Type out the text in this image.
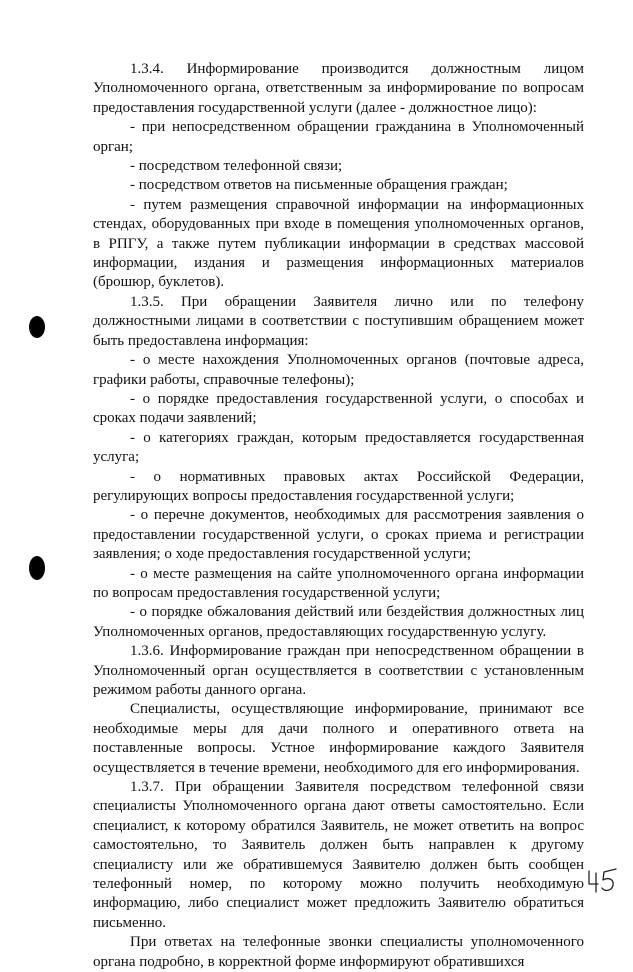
1.3.4. Информирование производится должностным лицом Уполномоченного органа, ответственным за информирование по вопросам предоставления государственной услуги (далее - должностное лицо):

- при непосредственном обращении гражданина в Уполномоченный орган;

- посредством телефонной связи;

- посредством ответов на письменные обращения граждан;

- путем размещения справочной информации на информационных стендах, оборудованных при входе в помещения уполномоченных органов, в РПГУ, а также путем публикации информации в средствах массовой информации, издания и размещения информационных материалов (брошюр, буклетов).

1.3.5. При обращении Заявителя лично или по телефону должностными лицами в соответствии с поступившим обращением может быть предоставлена информация:

- о месте нахождения Уполномоченных органов (почтовые адреса, графики работы, справочные телефоны);

- о порядке предоставления государственной услуги, о способах и сроках подачи заявлений;

- о категориях граждан, которым предоставляется государственная услуга;

- о нормативных правовых актах Российской Федерации, регулирующих вопросы предоставления государственной услуги;

- о перечне документов, необходимых для рассмотрения заявления о предоставлении государственной услуги, о сроках приема и регистрации заявления; о ходе предоставления государственной услуги;

- о месте размещения на сайте уполномоченного органа информации по вопросам предоставления государственной услуги;

- о порядке обжалования действий или бездействия должностных лиц Уполномоченных органов, предоставляющих государственную услугу.

1.3.6. Информирование граждан при непосредственном обращении в Уполномоченный орган осуществляется в соответствии с установленным режимом работы данного органа.

Специалисты, осуществляющие информирование, принимают все необходимые меры для дачи полного и оперативного ответа на поставленные вопросы. Устное информирование каждого Заявителя осуществляется в течение времени, необходимого для его информирования.

1.3.7. При обращении Заявителя посредством телефонной связи специалисты Уполномоченного органа дают ответы самостоятельно. Если специалист, к которому обратился Заявитель, не может ответить на вопрос самостоятельно, то Заявитель должен быть направлен к другому специалисту или же обратившемуся Заявителю должен быть сообщен телефонный номер, по которому можно получить необходимую информацию, либо специалист может предложить Заявителю обратиться письменно.

При ответах на телефонные звонки специалисты уполномоченного органа подробно, в корректной форме информируют обратившихся
